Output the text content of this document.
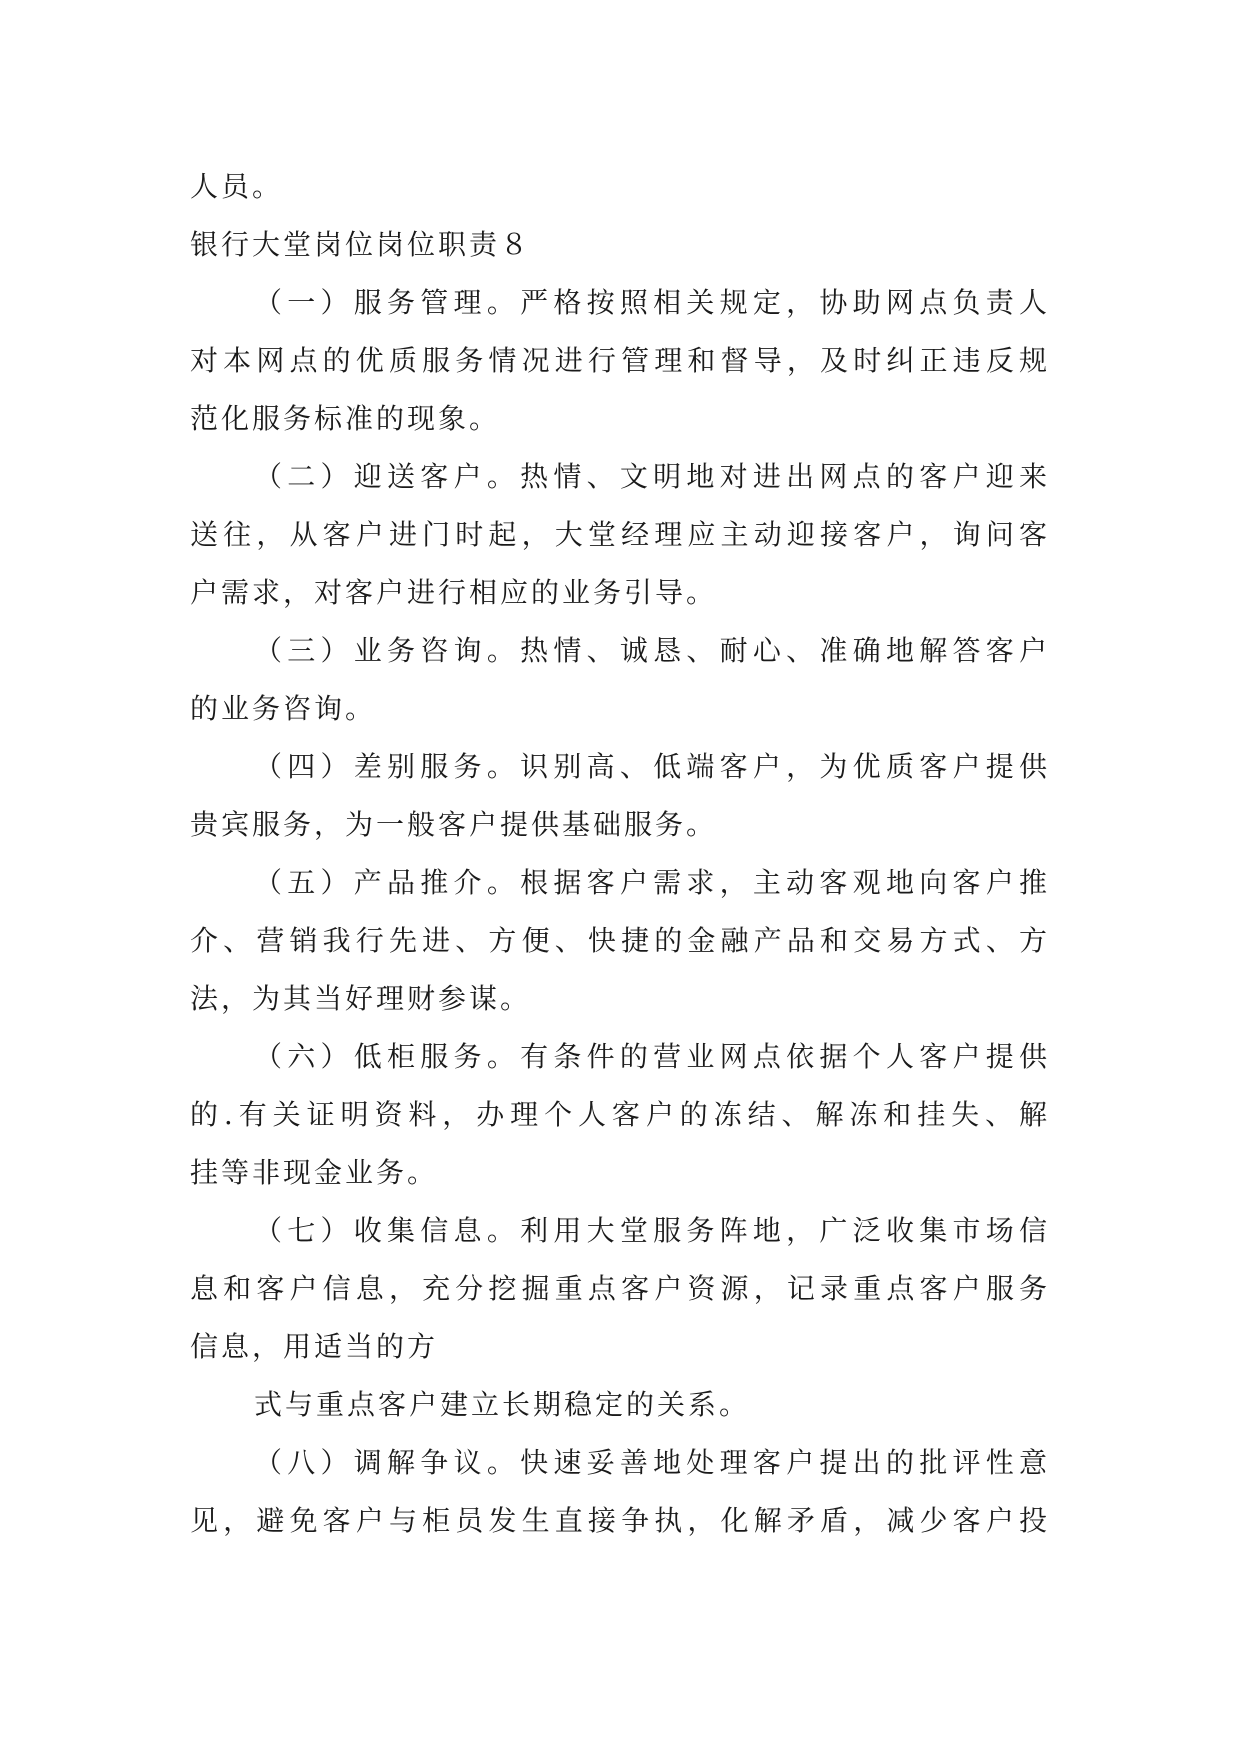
人员。
银行大堂岗位岗位职责８
（一）服务管理。严格按照相关规定，协助网点负责人
对本网点的优质服务情况进行管理和督导，及时纠正违反规
范化服务标准的现象。
（二）迎送客户。热情、文明地对进出网点的客户迎来
送往，从客户进门时起，大堂经理应主动迎接客户，询问客
户需求，对客户进行相应的业务引导。
（三）业务咨询。热情、诚恳、耐心、准确地解答客户
的业务咨询。
（四）差别服务。识别高、低端客户，为优质客户提供
贵宾服务，为一般客户提供基础服务。
（五）产品推介。根据客户需求，主动客观地向客户推
介、营销我行先进、方便、快捷的金融产品和交易方式、方
法，为其当好理财参谋。
（六）低柜服务。有条件的营业网点依据个人客户提供
的.有关证明资料，办理个人客户的冻结、解冻和挂失、解
挂等非现金业务。
（七）收集信息。利用大堂服务阵地，广泛收集市场信
息和客户信息，充分挖掘重点客户资源，记录重点客户服务
信息，用适当的方
式与重点客户建立长期稳定的关系。
（八）调解争议。快速妥善地处理客户提出的批评性意
见，避免客户与柜员发生直接争执，化解矛盾，减少客户投
